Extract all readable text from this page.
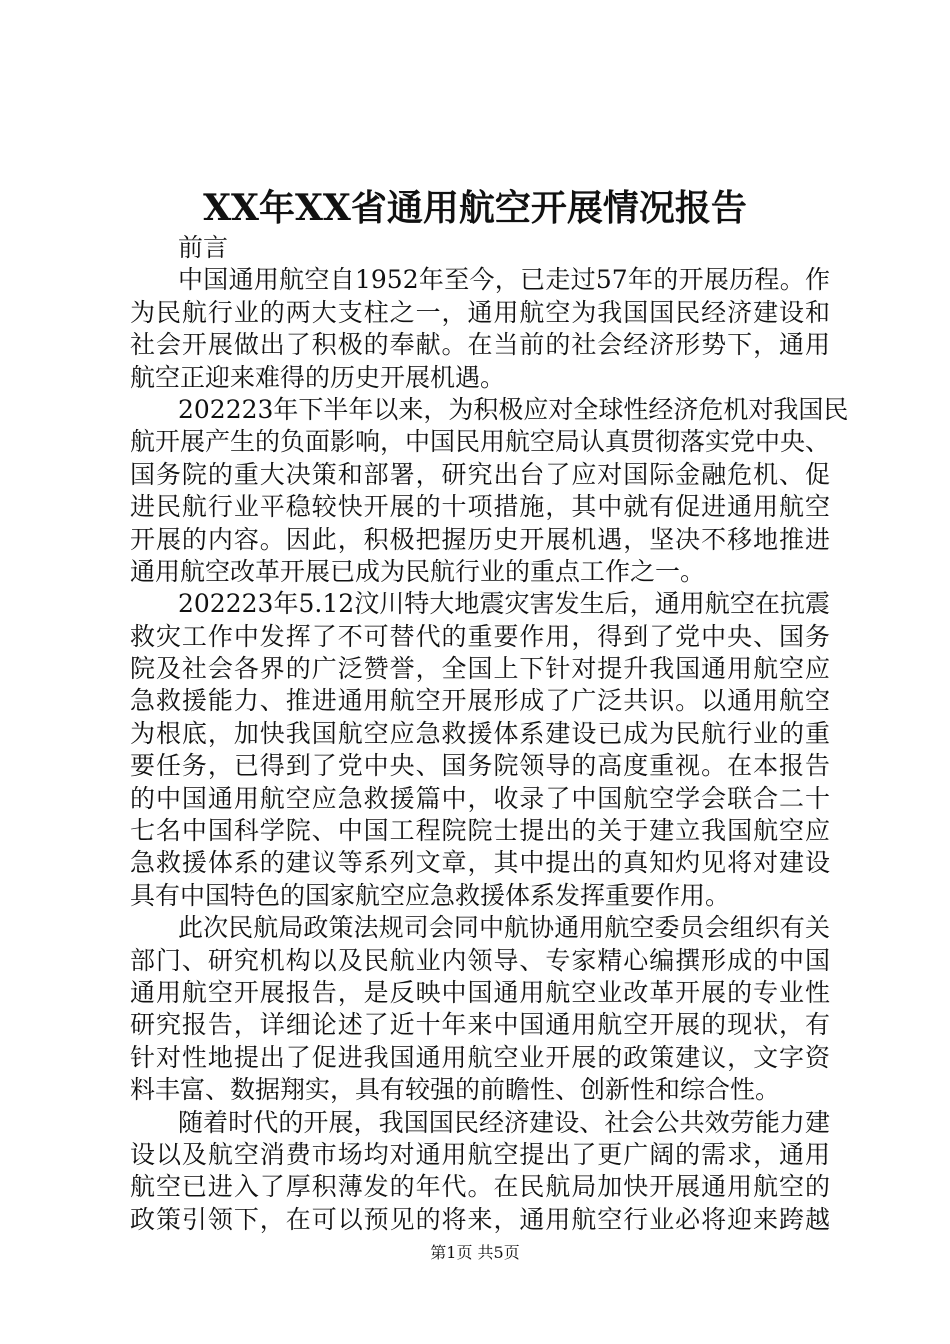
XX年XX省通用航空开展情况报告
前言
中国通用航空自1952年至今，已走过57年的开展历程。作
为民航行业的两大支柱之一，通用航空为我国国民经济建设和
社会开展做出了积极的奉献。在当前的社会经济形势下，通用
航空正迎来难得的历史开展机遇。
202223年下半年以来，为积极应对全球性经济危机对我国民
航开展产生的负面影响，中国民用航空局认真贯彻落实党中央、
国务院的重大决策和部署，研究出台了应对国际金融危机、促
进民航行业平稳较快开展的十项措施，其中就有促进通用航空
开展的内容。因此，积极把握历史开展机遇，坚决不移地推进
通用航空改革开展已成为民航行业的重点工作之一。
202223年5.12汶川特大地震灾害发生后，通用航空在抗震
救灾工作中发挥了不可替代的重要作用，得到了党中央、国务
院及社会各界的广泛赞誉，全国上下针对提升我国通用航空应
急救援能力、推进通用航空开展形成了广泛共识。以通用航空
为根底，加快我国航空应急救援体系建设已成为民航行业的重
要任务，已得到了党中央、国务院领导的高度重视。在本报告
的中国通用航空应急救援篇中，收录了中国航空学会联合二十
七名中国科学院、中国工程院院士提出的关于建立我国航空应
急救援体系的建议等系列文章，其中提出的真知灼见将对建设
具有中国特色的国家航空应急救援体系发挥重要作用。
此次民航局政策法规司会同中航协通用航空委员会组织有关
部门、研究机构以及民航业内领导、专家精心编撰形成的中国
通用航空开展报告，是反映中国通用航空业改革开展的专业性
研究报告，详细论述了近十年来中国通用航空开展的现状，有
针对性地提出了促进我国通用航空业开展的政策建议，文字资
料丰富、数据翔实，具有较强的前瞻性、创新性和综合性。
随着时代的开展，我国国民经济建设、社会公共效劳能力建
设以及航空消费市场均对通用航空提出了更广阔的需求，通用
航空已进入了厚积薄发的年代。在民航局加快开展通用航空的
政策引领下，在可以预见的将来，通用航空行业必将迎来跨越
第1页 共5页
